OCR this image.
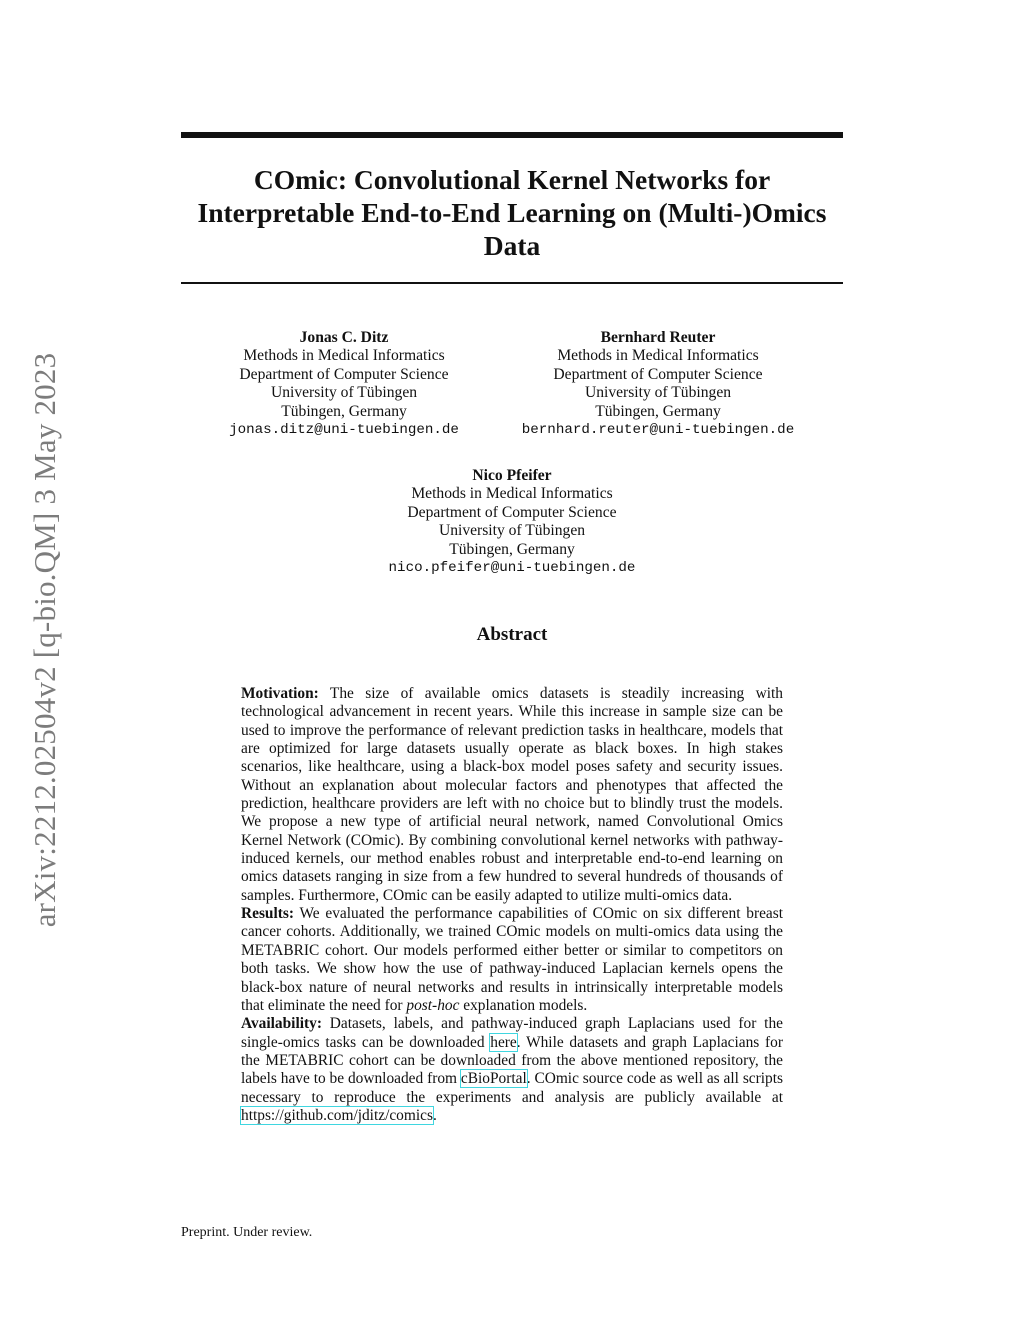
arXiv:2212.02504v2 [q-bio.QM] 3 May 2023
COmic: Convolutional Kernel Networks for
Interpretable End-to-End Learning on (Multi-)Omics
Data
Jonas C. Ditz
Methods in Medical Informatics
Department of Computer Science
University of Tübingen
Tübingen, Germany
jonas.ditz@uni-tuebingen.de
Bernhard Reuter
Methods in Medical Informatics
Department of Computer Science
University of Tübingen
Tübingen, Germany
bernhard.reuter@uni-tuebingen.de
Nico Pfeifer
Methods in Medical Informatics
Department of Computer Science
University of Tübingen
Tübingen, Germany
nico.pfeifer@uni-tuebingen.de
Abstract

Motivation: The size of available omics datasets is steadily increasing with technological advancement in recent years. While this increase in sample size can be used to improve the performance of relevant prediction tasks in healthcare, models that are optimized for large datasets usually operate as black boxes. In high stakes scenarios, like healthcare, using a black-box model poses safety and security issues. Without an explanation about molecular factors and phenotypes that affected the prediction, healthcare providers are left with no choice but to blindly trust the models. We propose a new type of artificial neural network, named Convolutional Omics Kernel Network (COmic). By combining convolutional kernel networks with pathway-induced kernels, our method enables robust and interpretable end-to-end learning on omics datasets ranging in size from a few hundred to several hundreds of thousands of samples. Furthermore, COmic can be easily adapted to utilize multi-omics data.

Results: We evaluated the performance capabilities of COmic on six different breast cancer cohorts. Additionally, we trained COmic models on multi-omics data using the METABRIC cohort. Our models performed either better or similar to competitors on both tasks. We show how the use of pathway-induced Laplacian kernels opens the black-box nature of neural networks and results in intrinsically interpretable models that eliminate the need for post-hoc explanation models.

Availability: Datasets, labels, and pathway-induced graph Laplacians used for the single-omics tasks can be downloaded here. While datasets and graph Laplacians for the METABRIC cohort can be downloaded from the above mentioned repository, the labels have to be downloaded from cBioPortal. COmic source code as well as all scripts necessary to reproduce the experiments and analysis are publicly available at https://github.com/jditz/comics.

Preprint. Under review.
